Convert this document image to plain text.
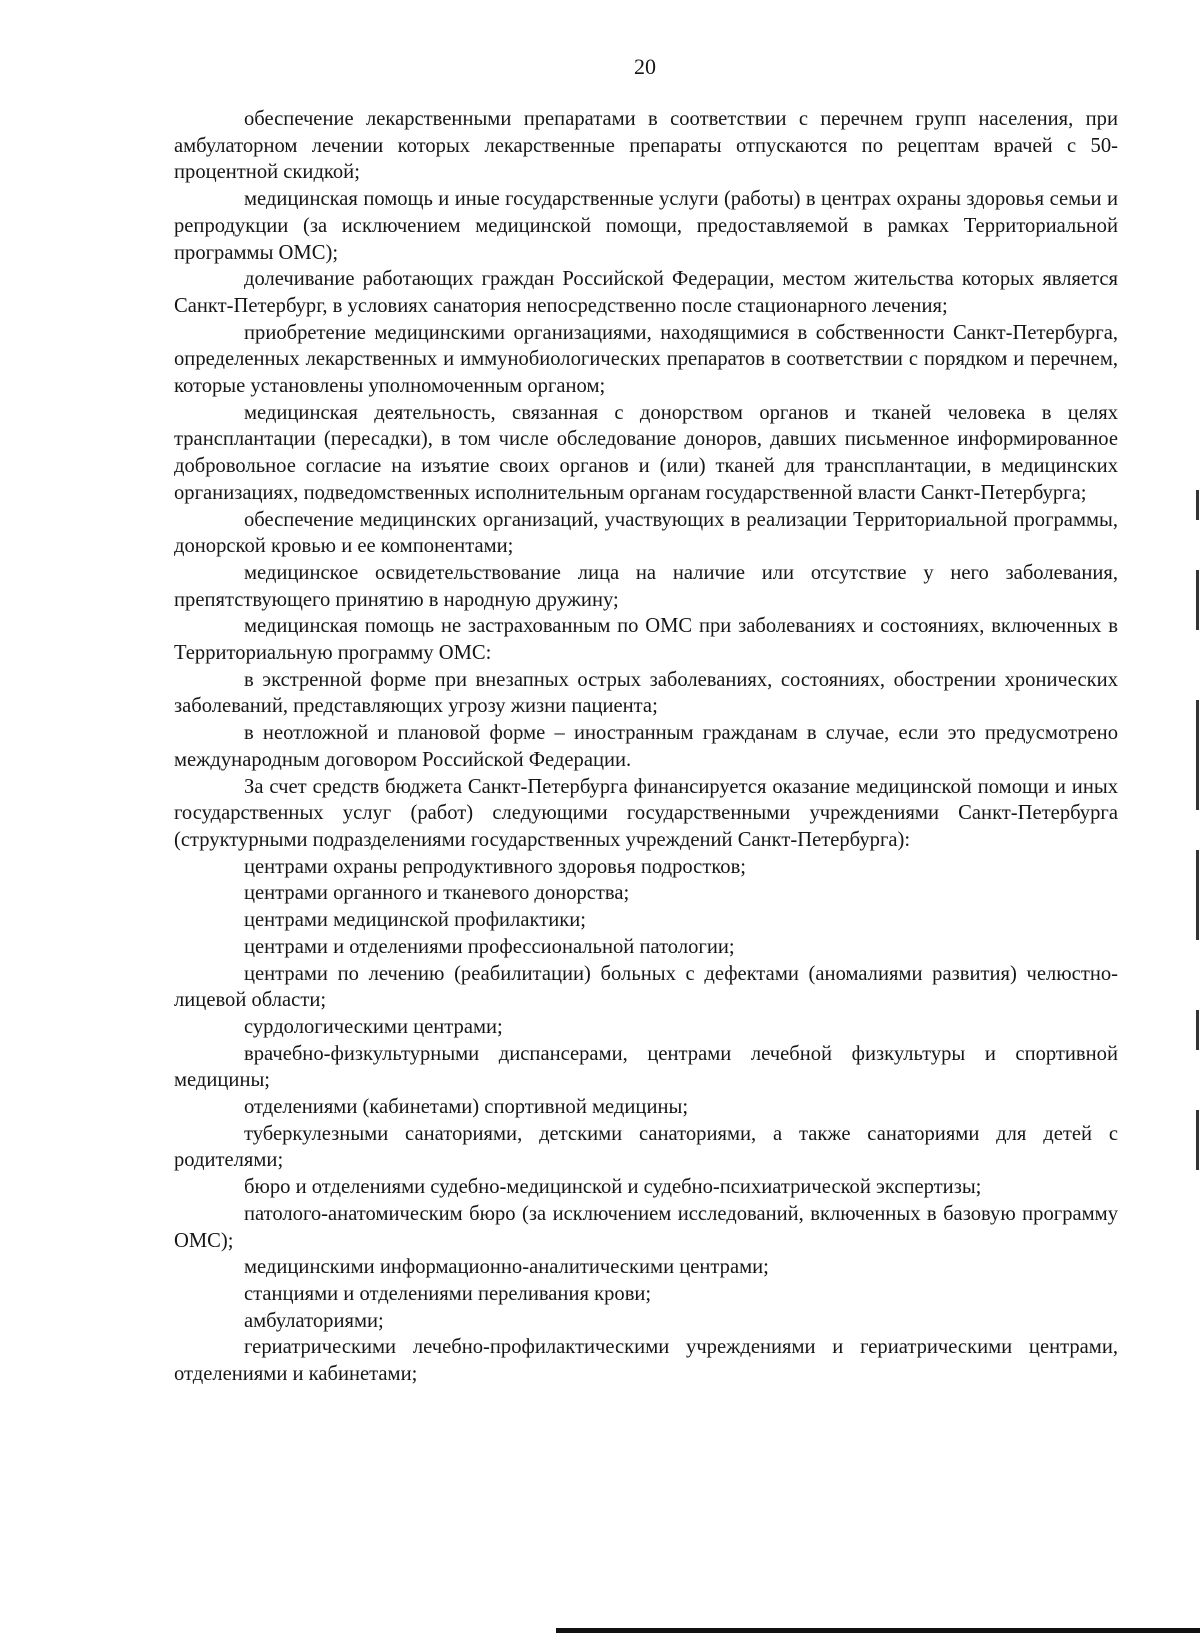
20

обеспечение лекарственными препаратами в соответствии с перечнем групп населения, при амбулаторном лечении которых лекарственные препараты отпускаются по рецептам врачей с 50-процентной скидкой;

медицинская помощь и иные государственные услуги (работы) в центрах охраны здоровья семьи и репродукции (за исключением медицинской помощи, предоставляемой в рамках Территориальной программы ОМС);

долечивание работающих граждан Российской Федерации, местом жительства которых является Санкт-Петербург, в условиях санатория непосредственно после стационарного лечения;

приобретение медицинскими организациями, находящимися в собственности Санкт-Петербурга, определенных лекарственных и иммунобиологических препаратов в соответствии с порядком и перечнем, которые установлены уполномоченным органом;

медицинская деятельность, связанная с донорством органов и тканей человека в целях трансплантации (пересадки), в том числе обследование доноров, давших письменное информированное добровольное согласие на изъятие своих органов и (или) тканей для трансплантации, в медицинских организациях, подведомственных исполнительным органам государственной власти Санкт-Петербурга;

обеспечение медицинских организаций, участвующих в реализации Территориальной программы, донорской кровью и ее компонентами;

медицинское освидетельствование лица на наличие или отсутствие у него заболевания, препятствующего принятию в народную дружину;

медицинская помощь не застрахованным по ОМС при заболеваниях и состояниях, включенных в Территориальную программу ОМС:

в экстренной форме при внезапных острых заболеваниях, состояниях, обострении хронических заболеваний, представляющих угрозу жизни пациента;

в неотложной и плановой форме – иностранным гражданам в случае, если это предусмотрено международным договором Российской Федерации.

За счет средств бюджета Санкт-Петербурга финансируется оказание медицинской помощи и иных государственных услуг (работ) следующими государственными учреждениями Санкт-Петербурга (структурными подразделениями государственных учреждений Санкт-Петербурга):

центрами охраны репродуктивного здоровья подростков;

центрами органного и тканевого донорства;

центрами медицинской профилактики;

центрами и отделениями профессиональной патологии;

центрами по лечению (реабилитации) больных с дефектами (аномалиями развития) челюстно-лицевой области;

сурдологическими центрами;

врачебно-физкультурными диспансерами, центрами лечебной физкультуры и спортивной медицины;

отделениями (кабинетами) спортивной медицины;

туберкулезными санаториями, детскими санаториями, а также санаториями для детей с родителями;

бюро и отделениями судебно-медицинской и судебно-психиатрической экспертизы;

патолого-анатомическим бюро (за исключением исследований, включенных в базовую программу ОМС);

медицинскими информационно-аналитическими центрами;

станциями и отделениями переливания крови;

амбулаториями;

гериатрическими лечебно-профилактическими учреждениями и гериатрическими центрами, отделениями и кабинетами;
